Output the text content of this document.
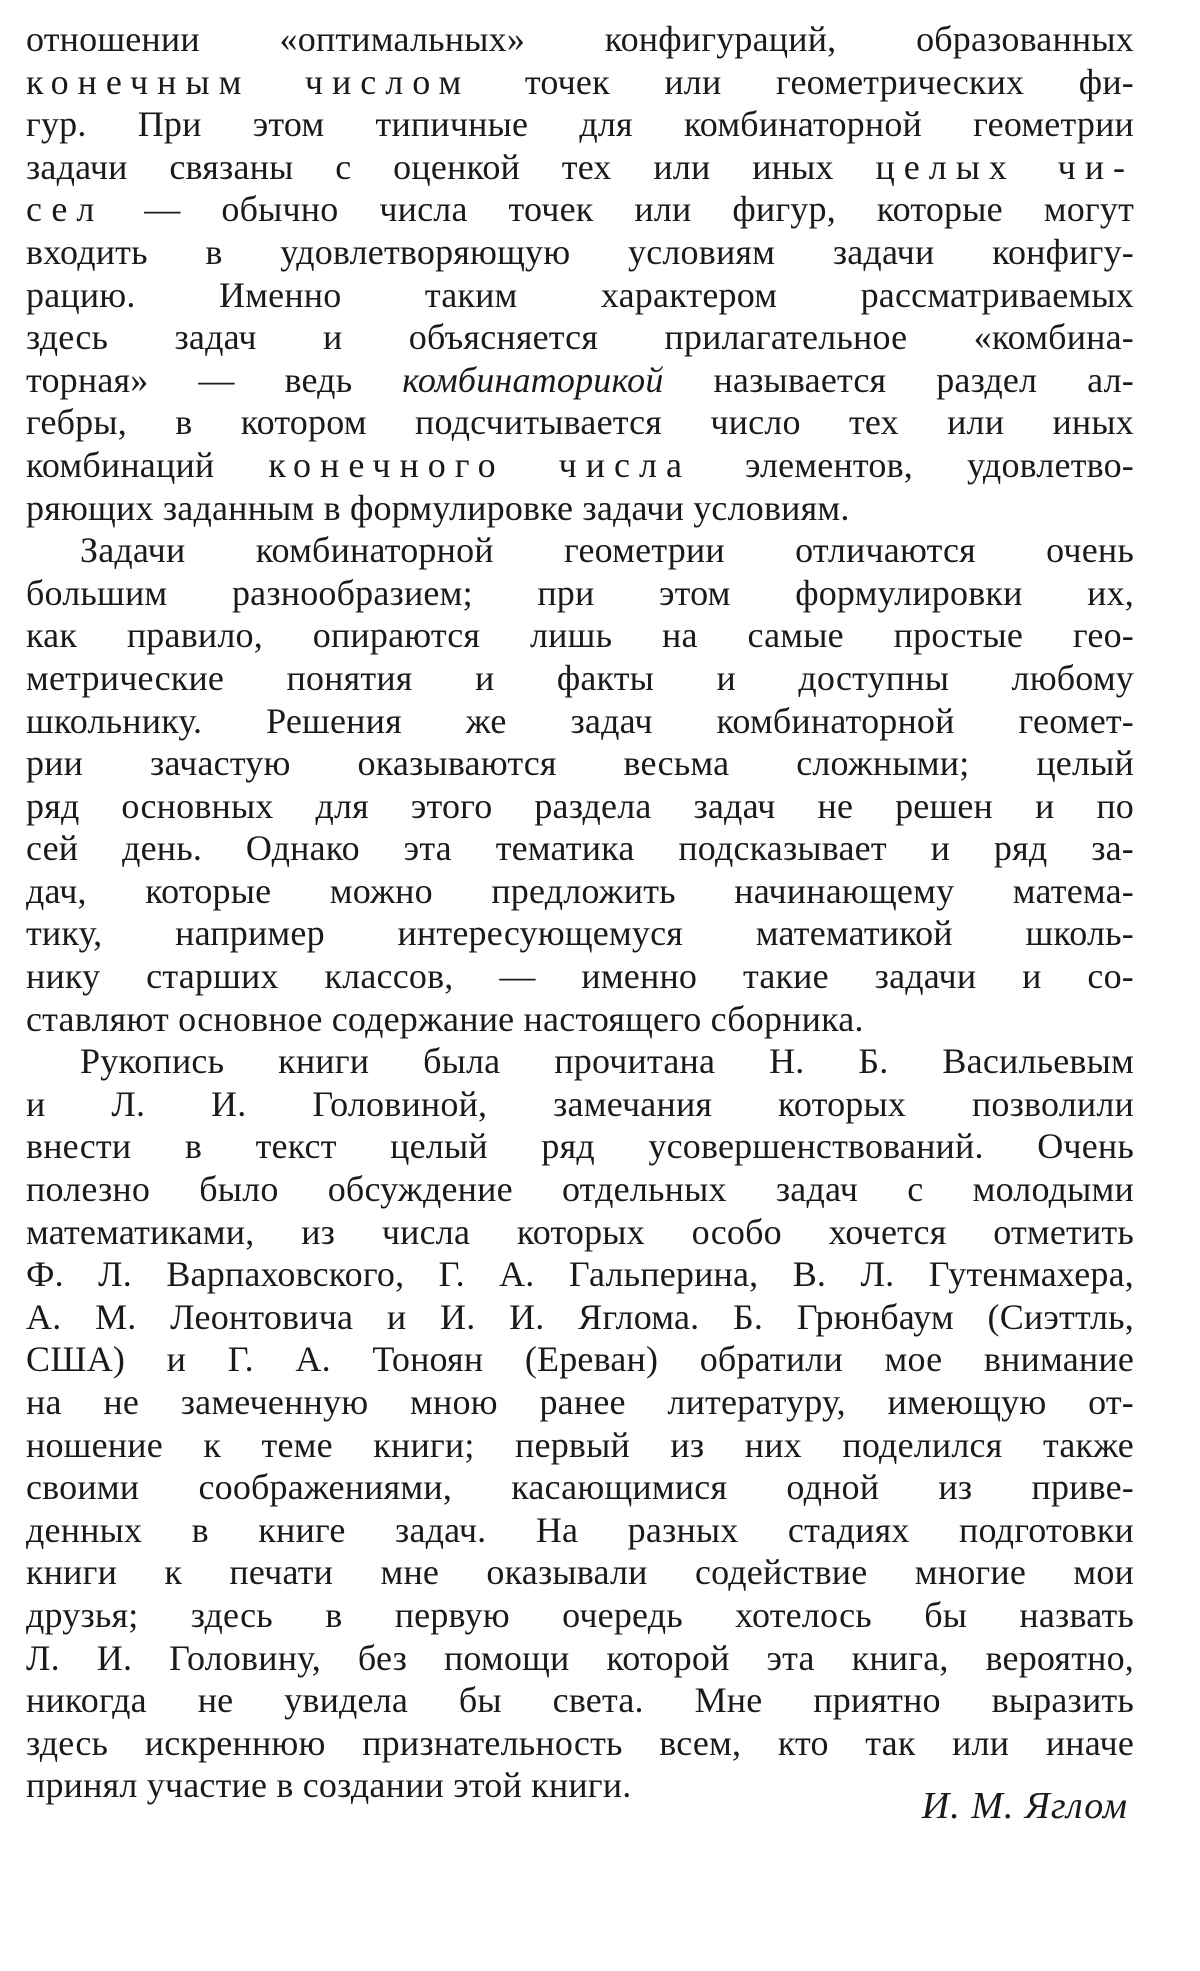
отношении «оптимальных» конфигураций, образованных
конечным числом точек или геометрических фи-
гур. При этом типичные для комбинаторной геометрии
задачи связаны с оценкой тех или иных целых чи-
сел — обычно числа точек или фигур, которые могут
входить в удовлетворяющую условиям задачи конфигу-
рацию. Именно таким характером рассматриваемых
здесь задач и объясняется прилагательное «комбина-
торная» — ведь комбинаторикой называется раздел ал-
гебры, в котором подсчитывается число тех или иных
комбинаций конечного числа элементов, удовлетво-
ряющих заданным в формулировке задачи условиям.
Задачи комбинаторной геометрии отличаются очень
большим разнообразием; при этом формулировки их,
как правило, опираются лишь на самые простые гео-
метрические понятия и факты и доступны любому
школьнику. Решения же задач комбинаторной геомет-
рии зачастую оказываются весьма сложными; целый
ряд основных для этого раздела задач не решен и по
сей день. Однако эта тематика подсказывает и ряд за-
дач, которые можно предложить начинающему матема-
тику, например интересующемуся математикой школь-
нику старших классов, — именно такие задачи и со-
ставляют основное содержание настоящего сборника.
Рукопись книги была прочитана Н. Б. Васильевым
и Л. И. Головиной, замечания которых позволили
внести в текст целый ряд усовершенствований. Очень
полезно было обсуждение отдельных задач с молодыми
математиками, из числа которых особо хочется отметить
Ф. Л. Варпаховского, Г. А. Гальперина, В. Л. Гутенмахера,
А. М. Леонтовича и И. И. Яглома. Б. Грюнбаум (Сиэттль,
США) и Г. А. Тоноян (Ереван) обратили мое внимание
на не замеченную мною ранее литературу, имеющую от-
ношение к теме книги; первый из них поделился также
своими соображениями, касающимися одной из приве-
денных в книге задач. На разных стадиях подготовки
книги к печати мне оказывали содействие многие мои
друзья; здесь в первую очередь хотелось бы назвать
Л. И. Головину, без помощи которой эта книга, вероятно,
никогда не увидела бы света. Мне приятно выразить
здесь искреннюю признательность всем, кто так или иначе
принял участие в создании этой книги.	И. М. Яглом
